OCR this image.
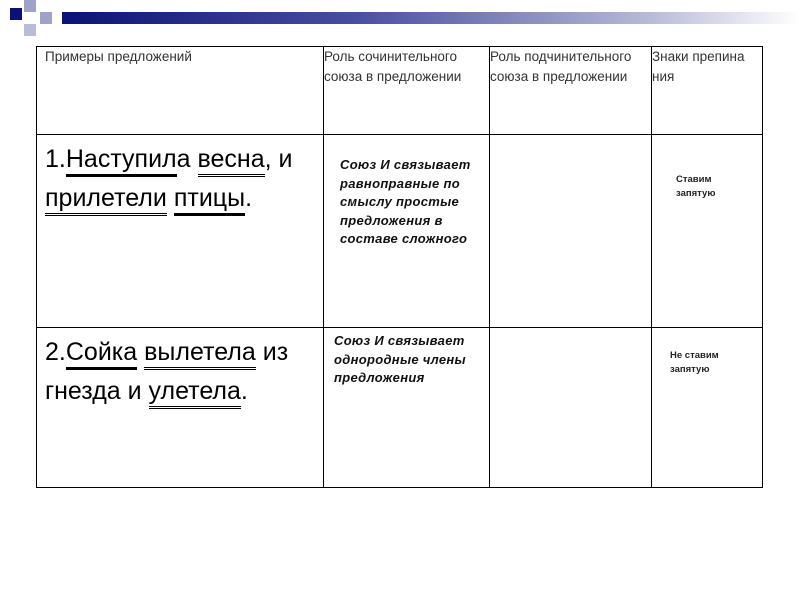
Примеры предложений	Роль сочинительного союза в предложении	Роль подчинительного союза в предложении	Знаки препина ния

1.Наступила весна, и прилетели птицы.	Союз И связывает равноправные по смыслу простые предложения в составе сложного		Ставим запятую

2.Сойка вылетела из гнезда и улетела.	Союз И связывает однородные члены предложения		Не ставим запятую
